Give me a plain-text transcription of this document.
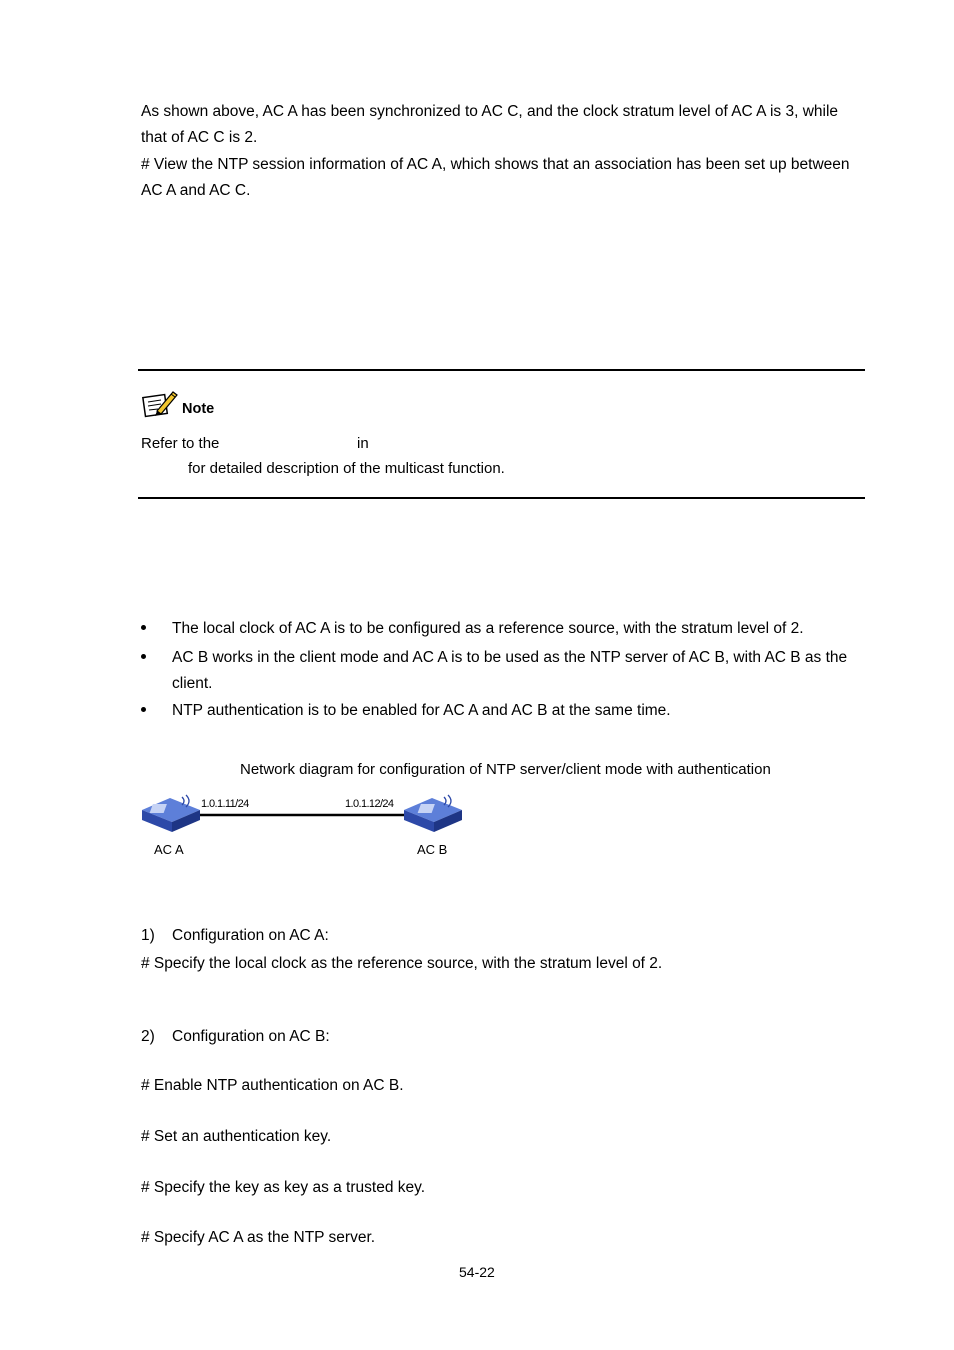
As shown above, AC A has been synchronized to AC C, and the clock stratum level of AC A is 3, while that of AC C is 2.
# View the NTP session information of AC A, which shows that an association has been set up between AC A and AC C.
Note
Refer to the	in
for detailed description of the multicast function.
The local clock of AC A is to be configured as a reference source, with the stratum level of 2.
AC B works in the client mode and AC A is to be used as the NTP server of AC B, with AC B as the client.
NTP authentication is to be enabled for AC A and AC B at the same time.
Network diagram for configuration of NTP server/client mode with authentication
1.0.1.11/24	1.0.1.12/24
AC A	AC B
1) Configuration on AC A:
# Specify the local clock as the reference source, with the stratum level of 2.
2) Configuration on AC B:
# Enable NTP authentication on AC B.
# Set an authentication key.
# Specify the key as key as a trusted key.
# Specify AC A as the NTP server.
54-22
